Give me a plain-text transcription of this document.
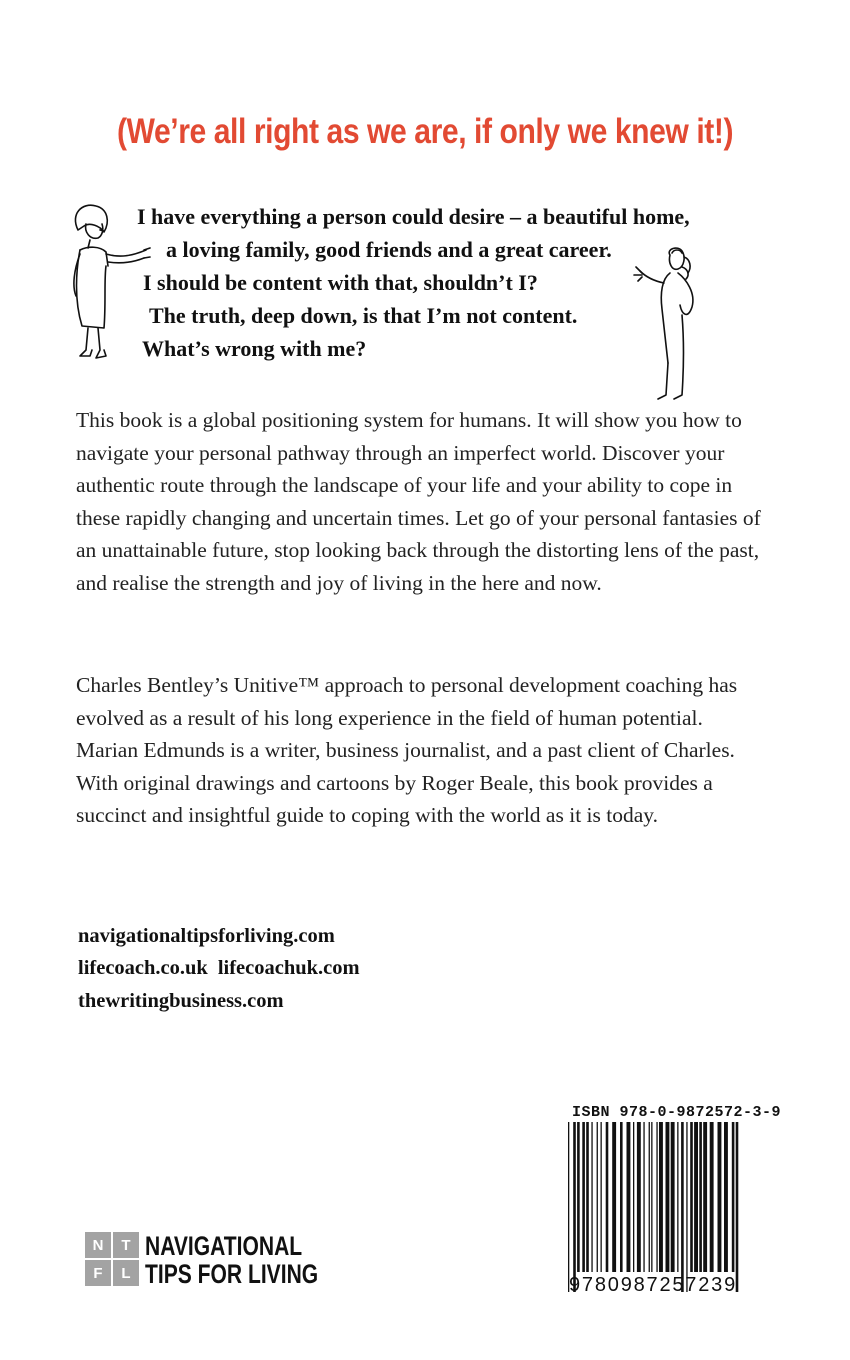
(We’re all right as we are, if only we knew it!)
I have everything a person could desire – a beautiful home,
a loving family, good friends and a great career.
I should be content with that, shouldn’t I?
The truth, deep down, is that I’m not content.
What’s wrong with me?

This book is a global positioning system for humans. It will show you how to navigate your personal pathway through an imperfect world. Discover your authentic route through the landscape of your life and your ability to cope in these rapidly changing and uncertain times. Let go of your personal fantasies of an unattainable future, stop looking back through the distorting lens of the past, and realise the strength and joy of living in the here and now.

Charles Bentley’s Unitive™ approach to personal development coaching has evolved as a result of his long experience in the field of human potential. Marian Edmunds is a writer, business journalist, and a past client of Charles. With original drawings and cartoons by Roger Beale, this book provides a succinct and insightful guide to coping with the world as it is today.

navigationaltipsforliving.com
lifecoach.co.uk lifecoachuk.com
thewritingbusiness.com
N	T
F	L
NAVIGATIONAL
TIPS FOR LIVING
ISBN 978-0-9872572-3-9
9780987257239
